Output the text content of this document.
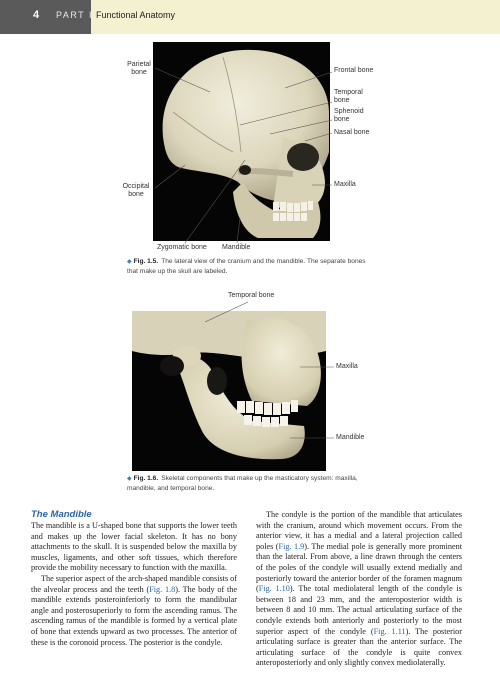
4 PART I Functional Anatomy
Parietal
bone	Frontal bone
Temporal
bone
Sphenoid
bone
Nasal bone
Maxilla
Occipital
bone
Zygomatic bone Mandible
◆ Fig. 1.5. The lateral view of the cranium and the mandible. The separate bones that make up the skull are labeled.
Temporal bone
Maxilla
Mandible
◆ Fig. 1.6. Skeletal components that make up the masticatory system: maxilla, mandible, and temporal bone.
The Mandible

The mandible is a U-shaped bone that supports the lower teeth and makes up the lower facial skeleton. It has no bony attachments to the skull. It is suspended below the maxilla by muscles, ligaments, and other soft tissues, which therefore provide the mobility necessary to function with the maxilla.

The superior aspect of the arch-shaped mandible consists of the alveolar process and the teeth (Fig. 1.8). The body of the mandible extends posteroinferiorly to form the mandibular angle and posterosuperiorly to form the ascending ramus. The ascending ramus of the mandible is formed by a vertical plate of bone that extends upward as two processes. The anterior of these is the coronoid process. The posterior is the condyle.

The condyle is the portion of the mandible that articulates with the cranium, around which movement occurs. From the anterior view, it has a medial and a lateral projection called poles (Fig. 1.9). The medial pole is generally more prominent than the lateral. From above, a line drawn through the centers of the poles of the condyle will usually extend medially and posteriorly toward the anterior border of the foramen magnum (Fig. 1.10). The total mediolateral length of the condyle is between 18 and 23 mm, and the anteroposterior width is between 8 and 10 mm. The actual articulating surface of the condyle extends both anteriorly and posteriorly to the most superior aspect of the condyle (Fig. 1.11). The posterior articulating surface is greater than the anterior surface. The articulating surface of the condyle is quite convex anteroposteriorly and only slightly convex mediolaterally.
